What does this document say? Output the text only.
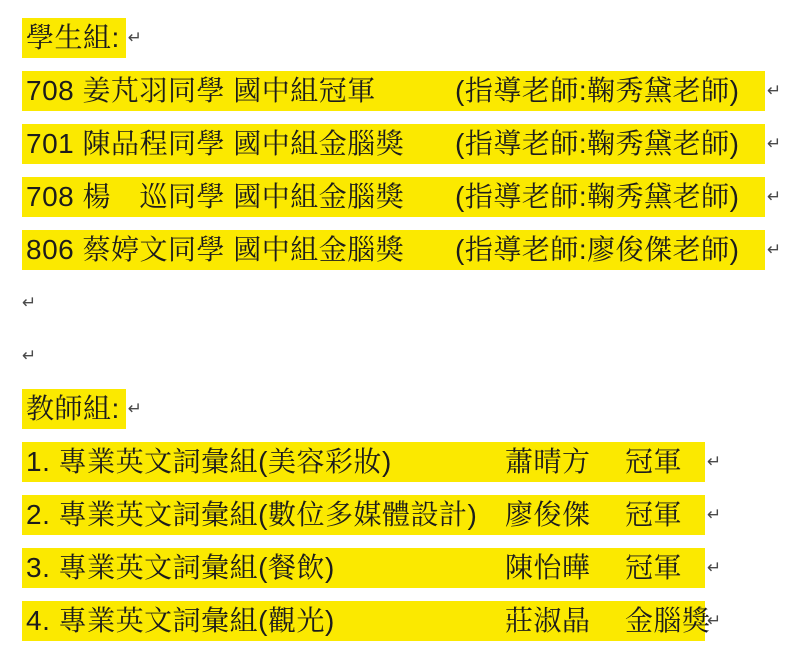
學生組: ↵
708 姜芃羽同學 國中組冠軍	(指導老師:鞠秀黛老師) ↵
701 陳品程同學 國中組金腦獎 (指導老師:鞠秀黛老師) ↵
708 楊　巡同學 國中組金腦獎 (指導老師:鞠秀黛老師) ↵
806 蔡婷文同學 國中組金腦獎 (指導老師:廖俊傑老師) ↵
↵
↵
教師組: ↵
1. 專業英文詞彙組(美容彩妝)	蕭晴方 冠軍 ↵
2. 專業英文詞彙組(數位多媒體設計) 廖俊傑 冠軍 ↵
3. 專業英文詞彙組(餐飲)	陳怡曄 冠軍 ↵
4. 專業英文詞彙組(觀光)	莊淑晶 金腦獎
↵
